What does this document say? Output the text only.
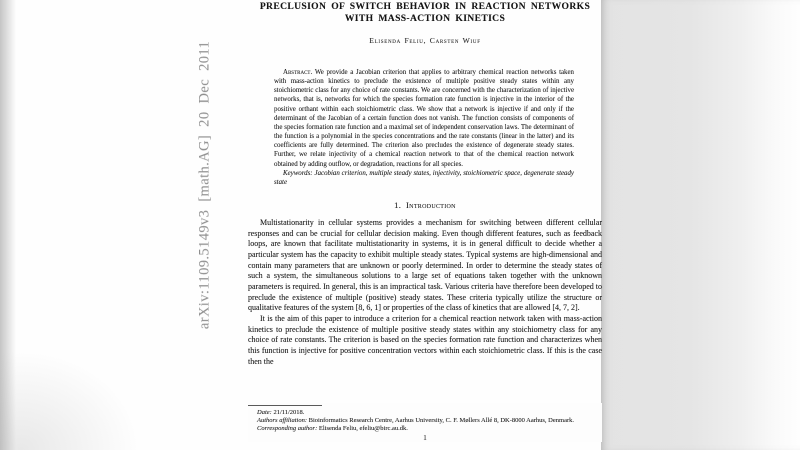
arXiv:1109.5149v3 [math.AG] 20 Dec 2011
PRECLUSION OF SWITCH BEHAVIOR IN REACTION NETWORKS
WITH MASS-ACTION KINETICS
Elisenda Feliu, Carsten Wiuf

Abstract. We provide a Jacobian criterion that applies to arbitrary chemical reaction networks taken with mass-action kinetics to preclude the existence of multiple positive steady states within any stoichiometric class for any choice of rate constants. We are concerned with the characterization of injective networks, that is, networks for which the species formation rate function is injective in the interior of the positive orthant within each stoichiometric class. We show that a network is injective if and only if the determinant of the Jacobian of a certain function does not vanish. The function consists of components of the species formation rate function and a maximal set of independent conservation laws. The determinant of the function is a polynomial in the species concentrations and the rate constants (linear in the latter) and its coefficients are fully determined. The criterion also precludes the existence of degenerate steady states. Further, we relate injectivity of a chemical reaction network to that of the chemical reaction network obtained by adding outflow, or degradation, reactions for all species.

Keywords: Jacobian criterion, multiple steady states, injectivity, stoichiometric space, degenerate steady state

1. Introduction

Multistationarity in cellular systems provides a mechanism for switching between different cellular responses and can be crucial for cellular decision making. Even though different features, such as feedback loops, are known that facilitate multistationarity in systems, it is in general difficult to decide whether a particular system has the capacity to exhibit multiple steady states. Typical systems are high-dimensional and contain many parameters that are unknown or poorly determined. In order to determine the steady states of such a system, the simultaneous solutions to a large set of equations taken together with the unknown parameters is required. In general, this is an impractical task. Various criteria have therefore been developed to preclude the existence of multiple (positive) steady states. These criteria typically utilize the structure or qualitative features of the system [8, 6, 1] or properties of the class of kinetics that are allowed [4, 7, 2].

It is the aim of this paper to introduce a criterion for a chemical reaction network taken with mass-action kinetics to preclude the existence of multiple positive steady states within any stoichiometry class for any choice of rate constants. The criterion is based on the species formation rate function and characterizes when this function is injective for positive concentration vectors within each stoichiometric class. If this is the case then the

Date: 21/11/2018.

Authors affiliation: Bioinformatics Research Centre, Aarhus University, C. F. Møllers Allé 8, DK-8000 Aarhus, Denmark.

Corresponding author: Elisenda Feliu, efeliu@birc.au.dk.

1
